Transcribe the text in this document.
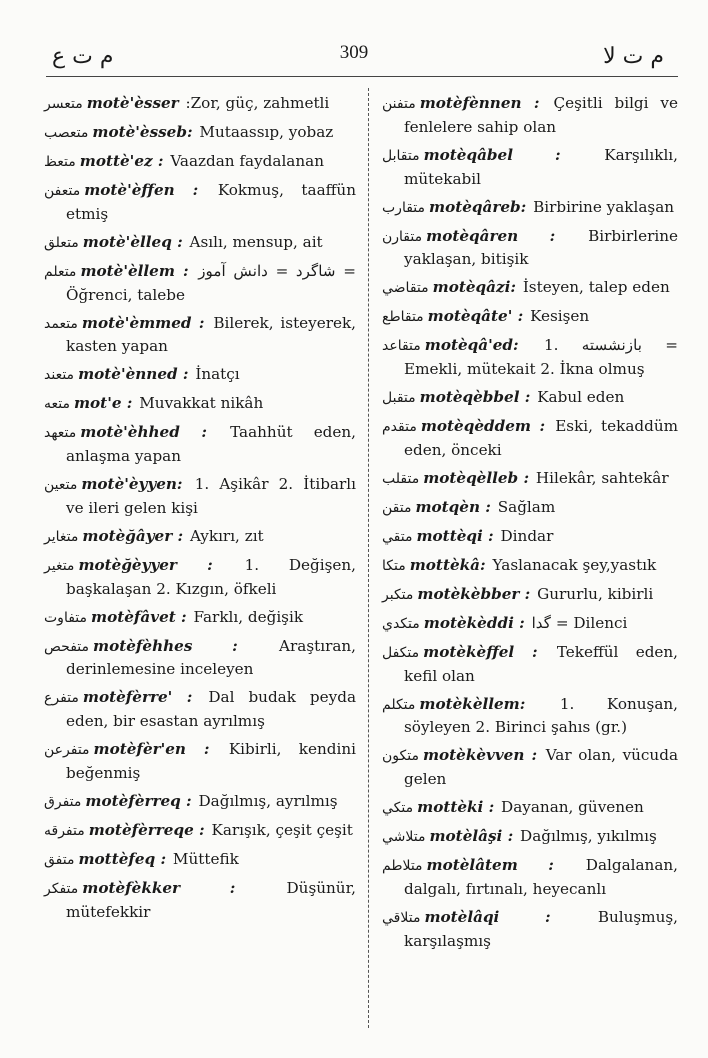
م ت ع	309	م ت لا

متعسر motè'èsser :Zor, güç, zahmetli

متعصب motè'èsseb: Mutaassıp, yobaz

متعظ mottè'ez : Vaazdan faydalanan

متعفن motè'èffen : Kokmuş, taaffün etmiş

متعلق motè'èlleq : Asılı, mensup, ait

متعلم motè'èllem : شاگرد = دانش آموز = Öğrenci, talebe

متعمد motè'èmmed : Bilerek, isteyerek, kasten yapan

متعند motè'ènned : İnatçı

متعه mot'e : Muvakkat nikâh

متعهد motè'èhhed : Taahhüt eden, anlaşma yapan

متعين motè'èyyen: 1. Aşikâr 2. İtibarlı ve ileri gelen kişi

متغاير motèğâyer : Aykırı, zıt

متغير motèğèyyer : 1. Değişen, başkalaşan 2. Kızgın, öfkeli

متفاوت motèfâvet : Farklı, değişik

متفحص motèfèhhes :	Araştıran, derinlemesine inceleyen

متفرع motèfèrre' : Dal budak peyda eden, bir esastan ayrılmış

متفرعن motèfèr'en : Kibirli, kendini beğenmiş

متفرق motèfèrreq : Dağılmış, ayrılmış

متفرقه motèfèrreqe : Karışık, çeşit çeşit

متفق mottèfeq : Müttefik

متفكر motèfèkker :	Düşünür, mütefekkir

متفنن motèfènnen : Çeşitli bilgi ve fenlelere sahip olan

متقابل motèqâbel :	Karşılıklı, mütekabil

متقارب motèqâreb: Birbirine yaklaşan

متقارن motèqâren : Birbirlerine yaklaşan, bitişik

متقاضي motèqâzi: İsteyen, talep eden

متقاطع motèqâte' : Kesişen

متقاعد motèqâ'ed: 1. بازنشسته = Emekli, mütekait 2. İkna olmuş

متقبل motèqèbbel : Kabul eden

متقدم motèqèddem : Eski, tekaddüm eden, önceki

متقلب motèqèlleb : Hilekâr, sahtekâr

متقن motqèn : Sağlam

متقي mottèqi : Dindar

متكا mottèkâ: Yaslanacak şey,yastık

متكبر motèkèbber : Gururlu, kibirli

متكدي motèkèddi : گدا = Dilenci

متكفل motèkèffel : Tekeffül eden, kefil olan

متكلم motèkèllem: 1. Konuşan, söyleyen 2. Birinci şahıs (gr.)

متكون motèkèvven : Var olan, vücuda gelen

متكي mottèki : Dayanan, güvenen

متلاشي motèlâşi : Dağılmış, yıkılmış

متلاطم motèlâtem : Dalgalanan, dalgalı, fırtınalı, heyecanlı

متلاقي motèlâqi :	Buluşmuş, karşılaşmış
